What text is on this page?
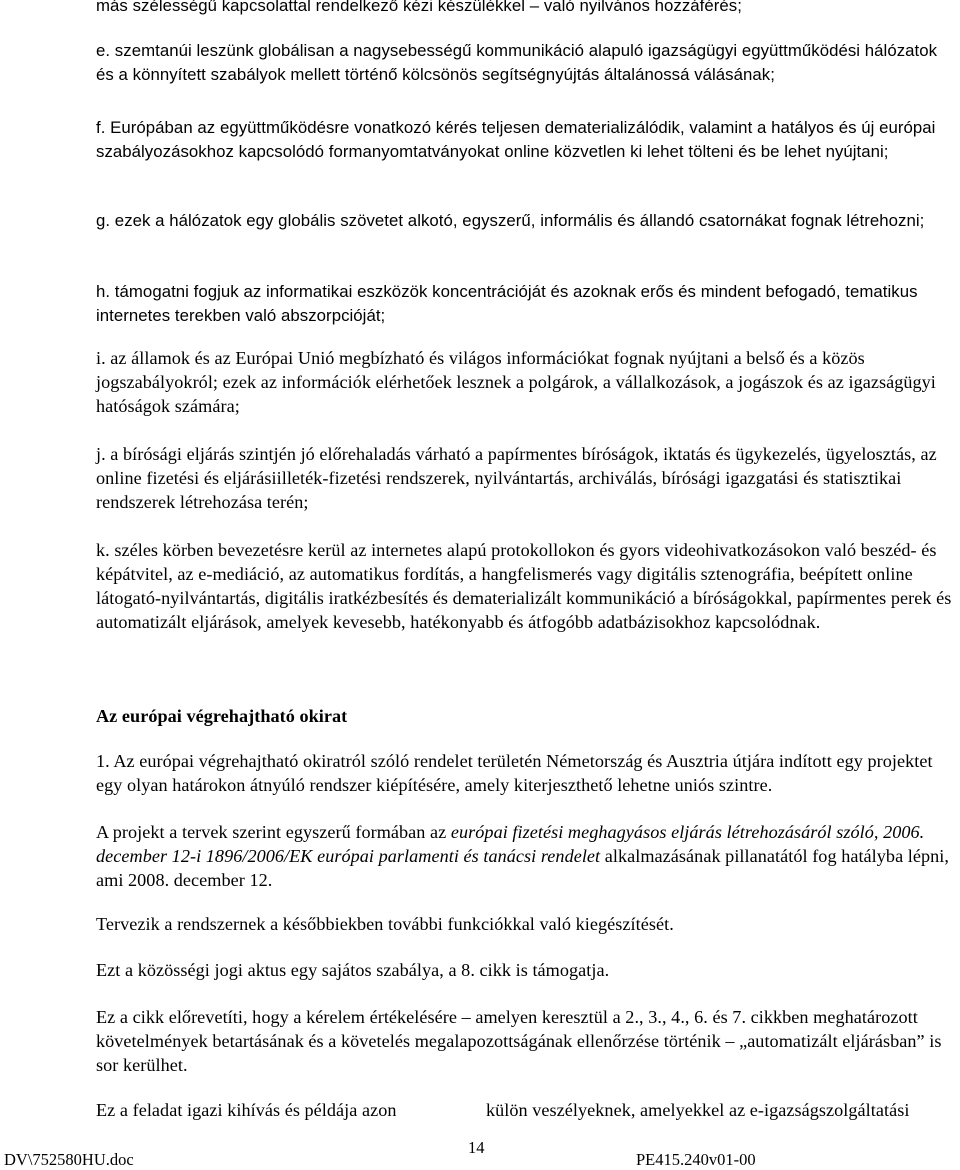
más szélességű kapcsolattal rendelkező kézi készülékkel – való nyilvános hozzáférés;

e. szemtanúi leszünk globálisan a nagysebességű kommunikáció alapuló igazságügyi együttműködési hálózatok és a könnyített szabályok mellett történő kölcsönös segítségnyújtás általánossá válásának;

f. Európában az együttműködésre vonatkozó kérés teljesen dematerializálódik, valamint a hatályos és új európai szabályozásokhoz kapcsolódó formanyomtatványokat online közvetlen ki lehet tölteni és be lehet nyújtani;

g. ezek a hálózatok egy globális szövetet alkotó, egyszerű, informális és állandó csatornákat fognak létrehozni;

h. támogatni fogjuk az informatikai eszközök koncentrációját és azoknak erős és mindent befogadó, tematikus internetes terekben való abszorpcióját;

i. az államok és az Európai Unió megbízható és világos információkat fognak nyújtani a belső és a közös jogszabályokról; ezek az információk elérhetőek lesznek a polgárok, a vállalkozások, a jogászok és az igazságügyi hatóságok számára;

j. a bírósági eljárás szintjén jó előrehaladás várható a papírmentes bíróságok, iktatás és ügykezelés, ügyelosztás, az online fizetési és eljárásiilleték-fizetési rendszerek, nyilvántartás, archiválás, bírósági igazgatási és statisztikai rendszerek létrehozása terén;

k. széles körben bevezetésre kerül az internetes alapú protokollokon és gyors videohivatkozásokon való beszéd- és képátvitel, az e-mediáció, az automatikus fordítás, a hangfelismerés vagy digitális sztenográfia, beépített online látogató-nyilvántartás, digitális iratkézbesítés és dematerializált kommunikáció a bíróságokkal, papírmentes perek és automatizált eljárások, amelyek kevesebb, hatékonyabb és átfogóbb adatbázisokhoz kapcsolódnak.

Az európai végrehajtható okirat

1. Az európai végrehajtható okiratról szóló rendelet területén Németország és Ausztria útjára indított egy projektet egy olyan határokon átnyúló rendszer kiépítésére, amely kiterjeszthető lehetne uniós szintre.

A projekt a tervek szerint egyszerű formában az európai fizetési meghagyásos eljárás létrehozásáról szóló, 2006. december 12-i 1896/2006/EK európai parlamenti és tanácsi rendelet alkalmazásának pillanatától fog hatályba lépni, ami 2008. december 12.

Tervezik a rendszernek a későbbiekben további funkciókkal való kiegészítését.

Ezt a közösségi jogi aktus egy sajátos szabálya, a 8. cikk is támogatja.

Ez a cikk előrevetíti, hogy a kérelem értékelésére – amelyen keresztül a 2., 3., 4., 6. és 7. cikkben meghatározott követelmények betartásának és a követelés megalapozottságának ellenőrzése történik – „automatizált eljárásban” is sor kerülhet.

Ez a feladat igazi kihívás és példája azon	külön veszélyeknek, amelyekkel az e-igazságszolgáltatási

14
DV\752580HU.doc	PE415.240v01-00
